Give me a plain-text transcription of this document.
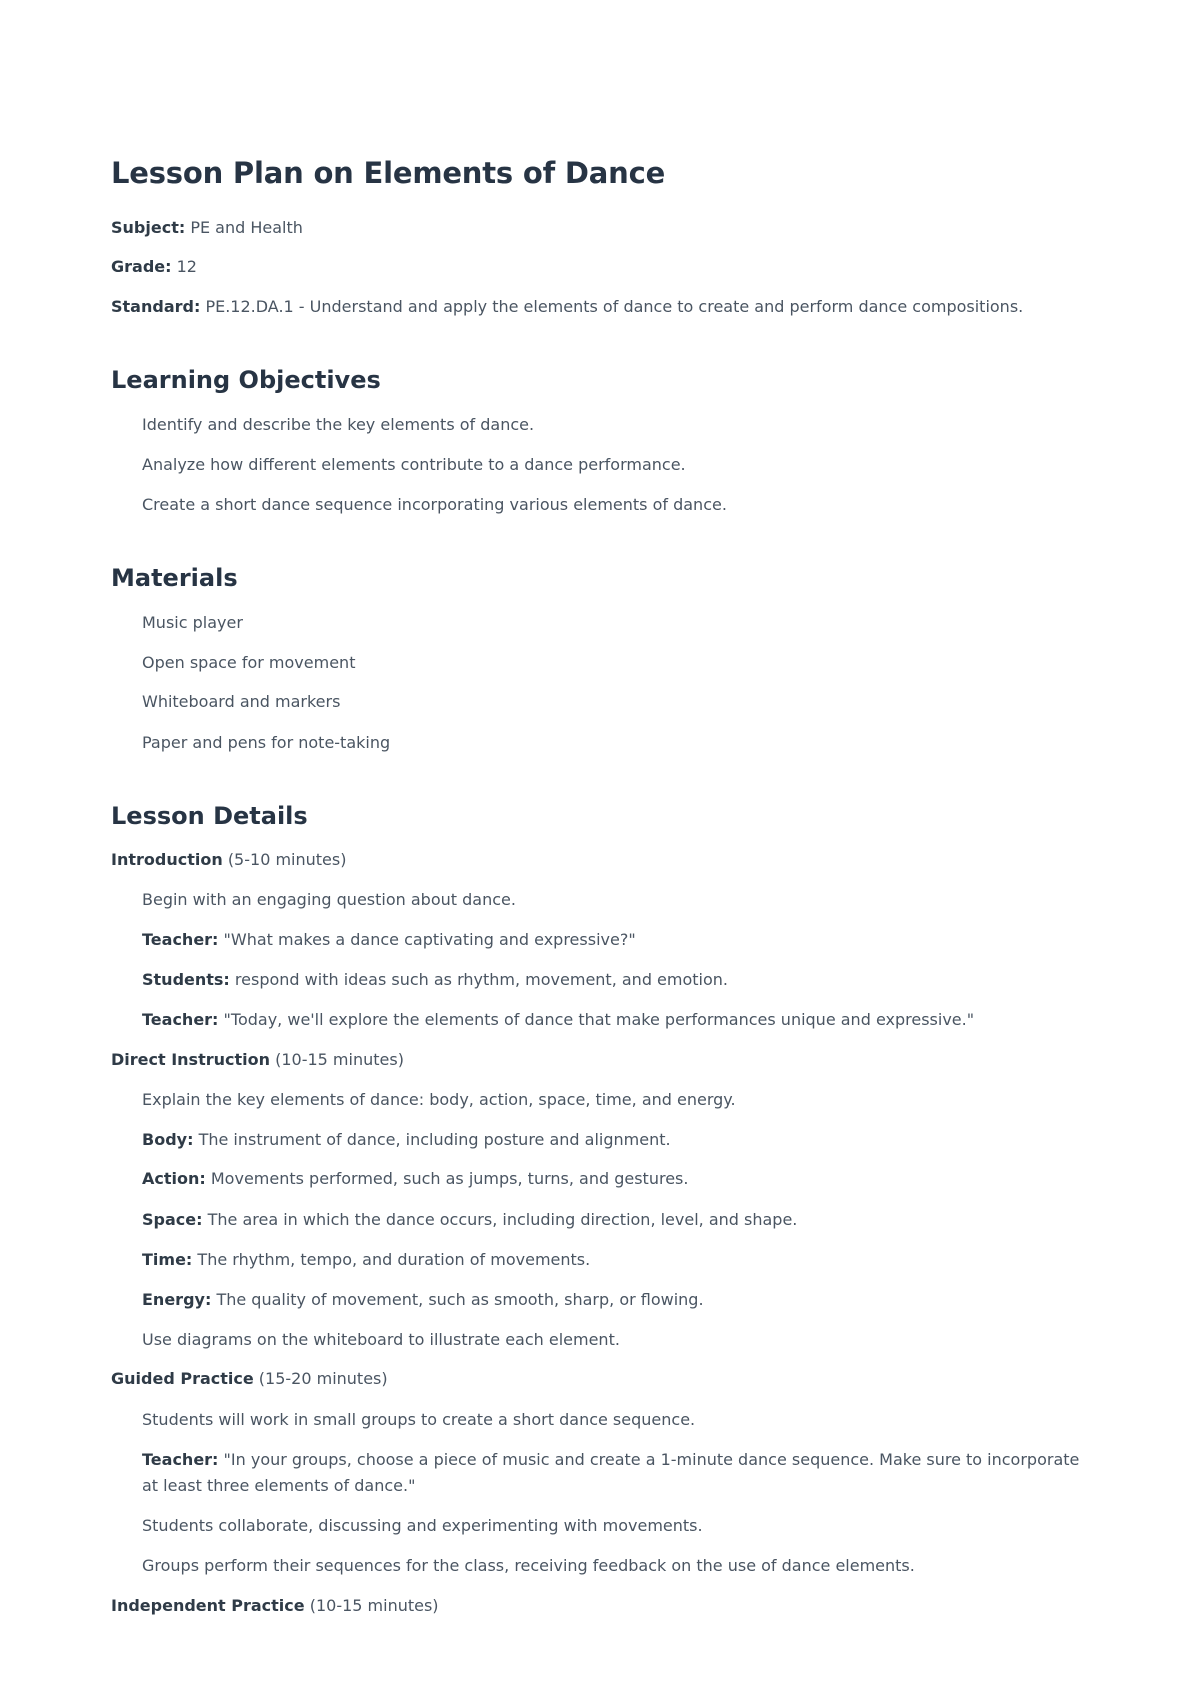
Lesson Plan on Elements of Dance
Subject: PE and Health
Grade: 12
Standard: PE.12.DA.1 - Understand and apply the elements of dance to create and perform dance compositions.
Learning Objectives
Identify and describe the key elements of dance.
Analyze how different elements contribute to a dance performance.
Create a short dance sequence incorporating various elements of dance.
Materials
Music player
Open space for movement
Whiteboard and markers
Paper and pens for note-taking
Lesson Details
Introduction (5-10 minutes)
Begin with an engaging question about dance.
Teacher: "What makes a dance captivating and expressive?"
Students: respond with ideas such as rhythm, movement, and emotion.
Teacher: "Today, we'll explore the elements of dance that make performances unique and expressive."
Direct Instruction (10-15 minutes)
Explain the key elements of dance: body, action, space, time, and energy.
Body: The instrument of dance, including posture and alignment.
Action: Movements performed, such as jumps, turns, and gestures.
Space: The area in which the dance occurs, including direction, level, and shape.
Time: The rhythm, tempo, and duration of movements.
Energy: The quality of movement, such as smooth, sharp, or flowing.
Use diagrams on the whiteboard to illustrate each element.
Guided Practice (15-20 minutes)
Students will work in small groups to create a short dance sequence.
Teacher: "In your groups, choose a piece of music and create a 1-minute dance sequence. Make sure to incorporate at least three elements of dance."
Students collaborate, discussing and experimenting with movements.
Groups perform their sequences for the class, receiving feedback on the use of dance elements.
Independent Practice (10-15 minutes)
